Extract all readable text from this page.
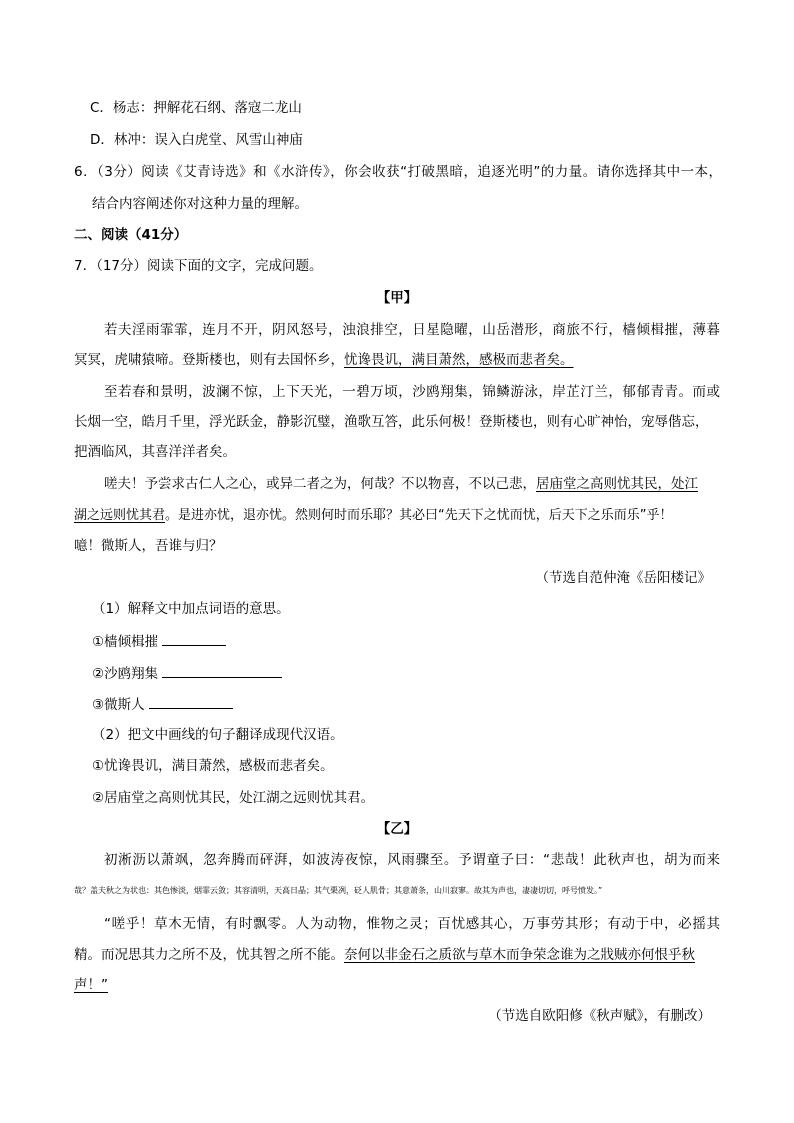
C．杨志：押解花石纲、落寇二龙山
D．林冲：误入白虎堂、风雪山神庙
6．（3分）阅读《艾青诗选》和《水浒传》，你会收获“打破黑暗，追逐光明”的力量。请你选择其中一本，
结合内容阐述你对这种力量的理解。
二、阅读（41分）
7．（17分）阅读下面的文字，完成问题。
【甲】
若夫淫雨霏霏，连月不开，阴风怒号，浊浪排空，日星隐曜，山岳潜形，商旅不行，樯倾楫摧，薄暮
冥冥，虎啸猿啼。登斯楼也，则有去国怀乡，忧谗畏讥，满目萧然，感极而悲者矣。
至若春和景明，波澜不惊，上下天光，一碧万顷，沙鸥翔集，锦鳞游泳，岸芷汀兰，郁郁青青。而或
长烟一空，皓月千里，浮光跃金，静影沉璧，渔歌互答，此乐何极！登斯楼也，则有心旷神怡，宠辱偕忘，
把酒临风，其喜洋洋者矣。
嗟夫！予尝求古仁人之心，或异二者之为，何哉？不以物喜，不以己悲，居庙堂之高则忧其民，处江
湖之远则忧其君。是进亦忧，退亦忧。然则何时而乐耶？其必曰“先天下之忧而忧，后天下之乐而乐”乎！
噫！微斯人，吾谁与归？
（节选自范仲淹《岳阳楼记》
（1）解释文中加点词语的意思。
①樯倾楫摧
②沙鸥翔集
③微斯人
（2）把文中画线的句子翻译成现代汉语。
①忧谗畏讥，满目萧然，感极而悲者矣。
②居庙堂之高则忧其民，处江湖之远则忧其君。
【乙】
初淅沥以萧飒，忽奔腾而砰湃，如波涛夜惊，风雨骤至。予谓童子曰：“悲哉！此秋声也，胡为而来
哉？盖夫秋之为状也：其色惨淡，烟霏云敛；其容清明，天高日晶；其气栗冽，砭人肌骨；其意萧条，山川寂寥。故其为声也，凄凄切切，呼号愤发。”
“嗟乎！草木无情，有时飘零。人为动物，惟物之灵；百忧感其心，万事劳其形；有动于中，必摇其
精。而况思其力之所不及，忧其智之所不能。奈何以非金石之质欲与草木而争荣念谁为之戕贼亦何恨乎秋
声！”
（节选自欧阳修《秋声赋》，有删改）
